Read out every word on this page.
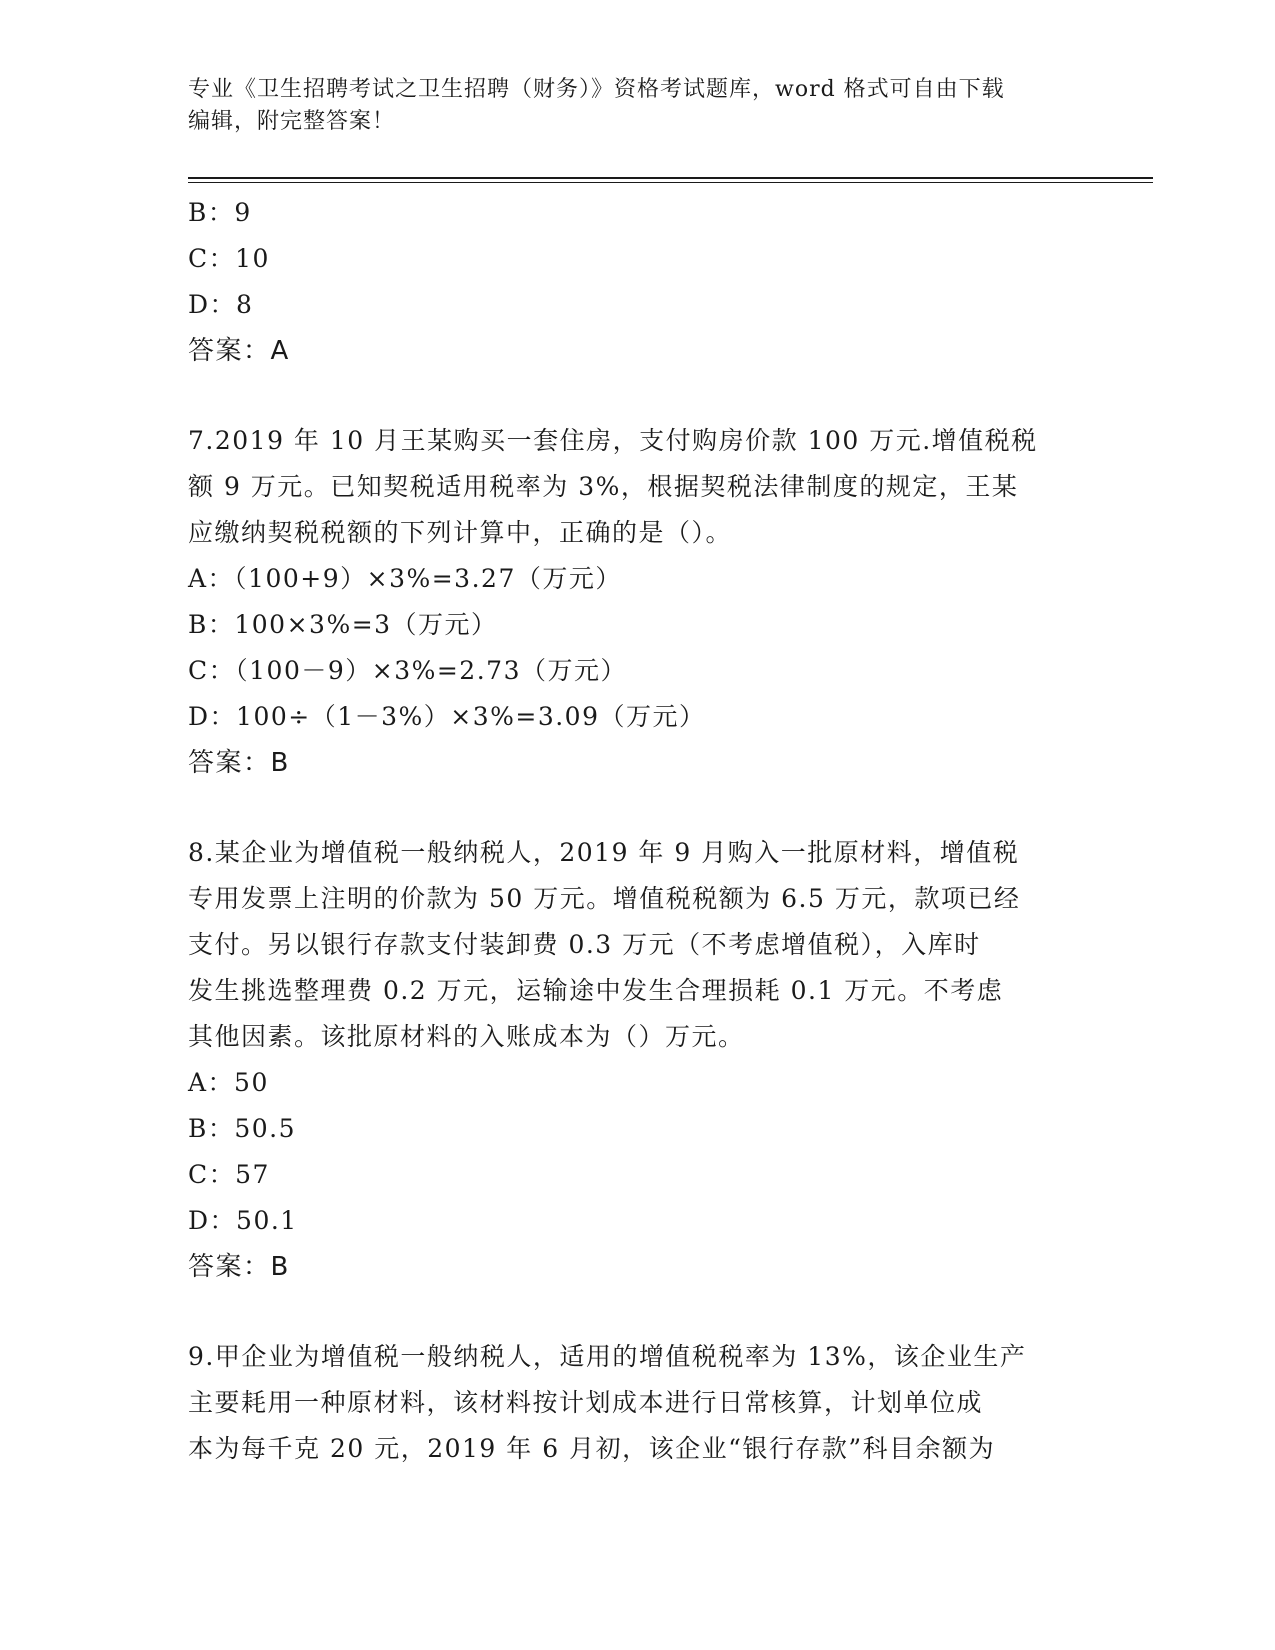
专业《卫生招聘考试之卫生招聘（财务）》资格考试题库，word 格式可自由下载
编辑，附完整答案！
B：9
C：10
D：8
答案：A
7.2019 年 10 月王某购买一套住房，支付购房价款 100 万元.增值税税
额 9 万元。已知契税适用税率为 3%，根据契税法律制度的规定，王某
应缴纳契税税额的下列计算中，正确的是（）。
A：（100+9）×3%=3.27（万元）
B：100×3%=3（万元）
C：（100－9）×3%=2.73（万元）
D：100÷（1－3%）×3%=3.09（万元）
答案：B
8.某企业为增值税一般纳税人，2019 年 9 月购入一批原材料，增值税
专用发票上注明的价款为 50 万元。增值税税额为 6.5 万元，款项已经
支付。另以银行存款支付装卸费 0.3 万元（不考虑增值税），入库时
发生挑选整理费 0.2 万元，运输途中发生合理损耗 0.1 万元。不考虑
其他因素。该批原材料的入账成本为（）万元。
A：50
B：50.5
C：57
D：50.1
答案：B
9.甲企业为增值税一般纳税人，适用的增值税税率为 13%，该企业生产
主要耗用一种原材料，该材料按计划成本进行日常核算，计划单位成
本为每千克 20 元，2019 年 6 月初，该企业“银行存款”科目余额为
